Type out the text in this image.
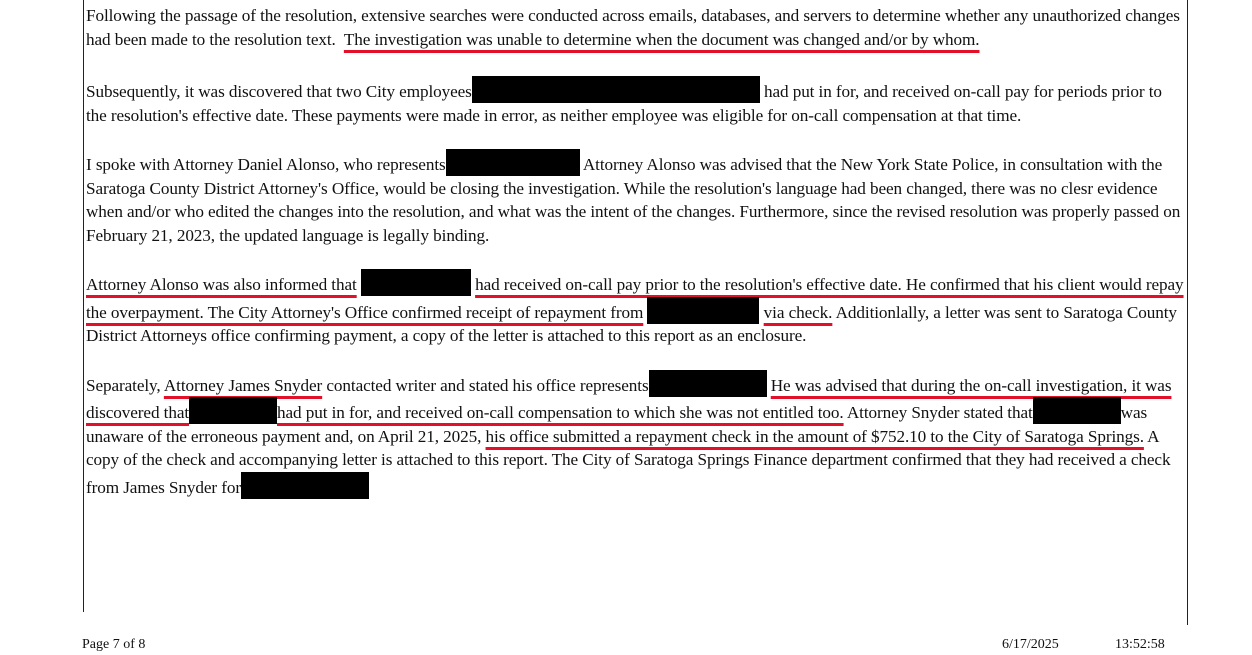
Following the passage of the resolution, extensive searches were conducted across emails, databases, and servers to determine whether any unauthorized changes had been made to the resolution text. The investigation was unable to determine when the document was changed and/or by whom.

Subsequently, it was discovered that two City employees	had put in for, and received on-call pay for periods prior to the resolution's effective date. These payments were made in error, as neither employee was eligible for on-call compensation at that time.

I spoke with Attorney Daniel Alonso, who represents	Attorney Alonso was advised that the New York State Police, in consultation with the Saratoga County District Attorney's Office, would be closing the investigation. While the resolution's language had been changed, there was no clesr evidence when and/or who edited the changes into the resolution, and what was the intent of the changes. Furthermore, since the revised resolution was properly passed on February 21, 2023, the updated language is legally binding.

Attorney Alonso was also informed that	had received on-call pay prior to the resolution's effective date. He confirmed that his client would repay the overpayment. The City Attorney's Office confirmed receipt of repayment from	via check. Additionlally, a letter was sent to Saratoga County District Attorneys office confirming payment, a copy of the letter is attached to this report as an enclosure.

Separately, Attorney James Snyder contacted writer and stated his office represents	He was advised that during the on-call investigation, it was discovered that	had put in for, and received on-call compensation to which she was not entitled too. Attorney Snyder stated that	was unaware of the erroneous payment and, on April 21, 2025, his office submitted a repayment check in the amount of $752.10 to the City of Saratoga Springs. A copy of the check and accompanying letter is attached to this report. The City of Saratoga Springs Finance department confirmed that they had received a check from James Snyder for

Page 7 of 8	6/17/2025	13:52:58
